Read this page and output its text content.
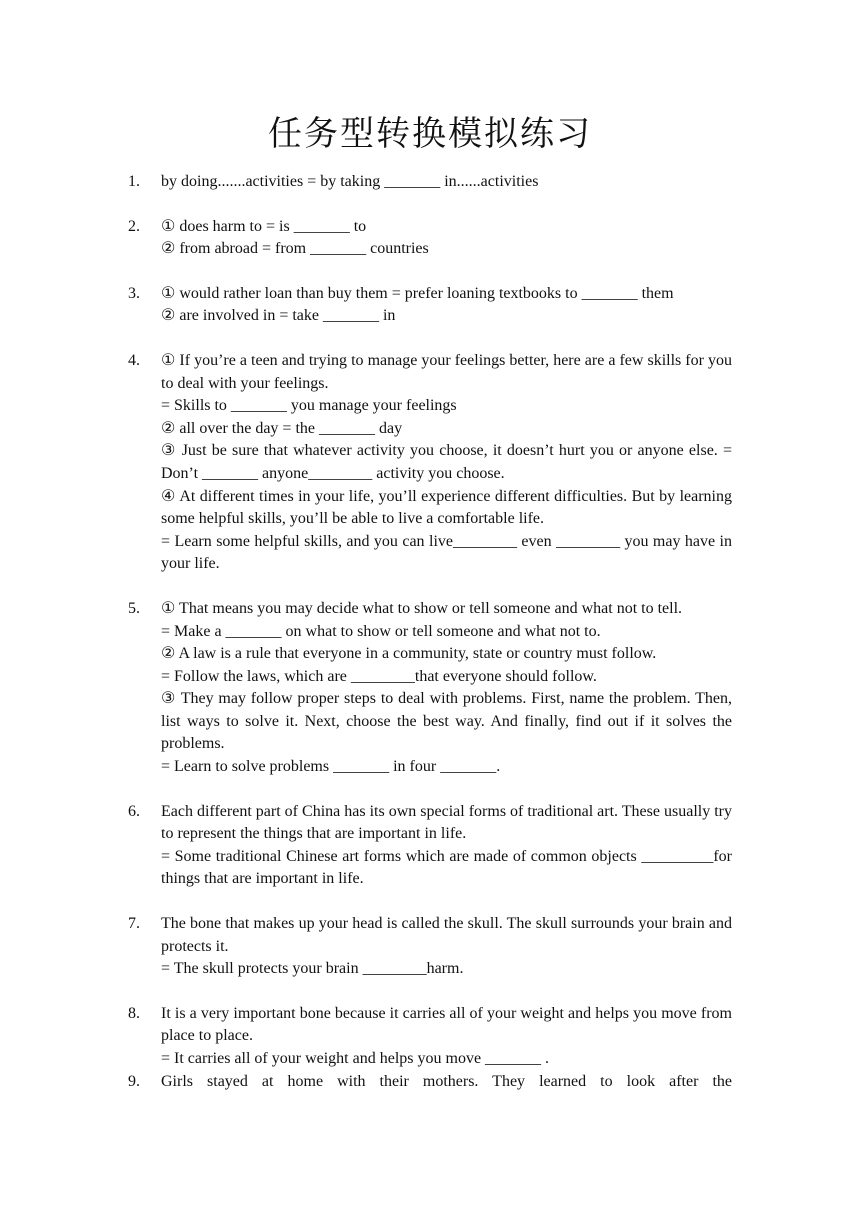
任务型转换模拟练习
1. by doing.......activities = by taking _______ in......activities
2. ① does harm to = is _______ to
② from abroad = from _______ countries
3. ① would rather loan than buy them = prefer loaning textbooks to _______ them
② are involved in = take _______ in
4. ① If you’re a teen and trying to manage your feelings better, here are a few skills for you to deal with your feelings.
= Skills to _______ you manage your feelings
② all over the day = the _______ day
③ Just be sure that whatever activity you choose, it doesn’t hurt you or anyone else. = Don’t _______ anyone________ activity you choose.
④ At different times in your life, you’ll experience different difficulties. But by learning some helpful skills, you’ll be able to live a comfortable life.
= Learn some helpful skills, and you can live________ even ________ you may have in your life.
5. ① That means you may decide what to show or tell someone and what not to tell.
= Make a _______ on what to show or tell someone and what not to.
② A law is a rule that everyone in a community, state or country must follow.
= Follow the laws, which are ________that everyone should follow.
③ They may follow proper steps to deal with problems. First, name the problem. Then, list ways to solve it. Next, choose the best way. And finally, find out if it solves the problems.
= Learn to solve problems _______ in four _______.
6. Each different part of China has its own special forms of traditional art. These usually try to represent the things that are important in life.
= Some traditional Chinese art forms which are made of common objects _________for things that are important in life.
7. The bone that makes up your head is called the skull. The skull surrounds your brain and protects it.
= The skull protects your brain ________harm.
8. It is a very important bone because it carries all of your weight and helps you move from place to place.
= It carries all of your weight and helps you move _______ .
9. Girls stayed at home with their mothers. They learned to look after the
